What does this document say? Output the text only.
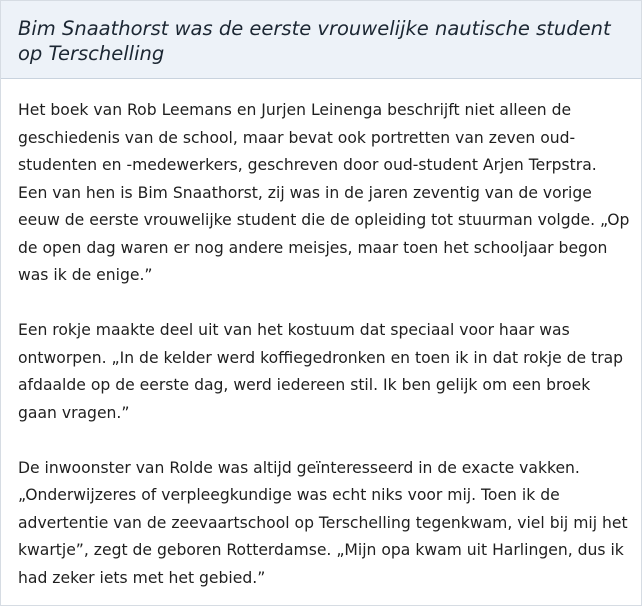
Bim Snaathorst was de eerste vrouwelijke nautische student op Terschelling

Het boek van Rob Leemans en Jurjen Leinenga beschrijft niet alleen de geschiedenis van de school, maar bevat ook portretten van zeven oud-studenten en -medewerkers, geschreven door oud-student Arjen Terpstra. Een van hen is Bim Snaathorst, zij was in de jaren zeventig van de vorige eeuw de eerste vrouwelijke student die de opleiding tot stuurman volgde. „Op de open dag waren er nog andere meisjes, maar toen het schooljaar begon was ik de enige.”

Een rokje maakte deel uit van het kostuum dat speciaal voor haar was ontworpen. „In de kelder werd koffiegedronken en toen ik in dat rokje de trap afdaalde op de eerste dag, werd iedereen stil. Ik ben gelijk om een broek gaan vragen.”

De inwoonster van Rolde was altijd geïnteresseerd in de exacte vakken. „Onderwijzeres of verpleegkundige was echt niks voor mij. Toen ik de advertentie van de zeevaartschool op Terschelling tegenkwam, viel bij mij het kwartje”, zegt de geboren Rotterdamse. „Mijn opa kwam uit Harlingen, dus ik had zeker iets met het gebied.”
